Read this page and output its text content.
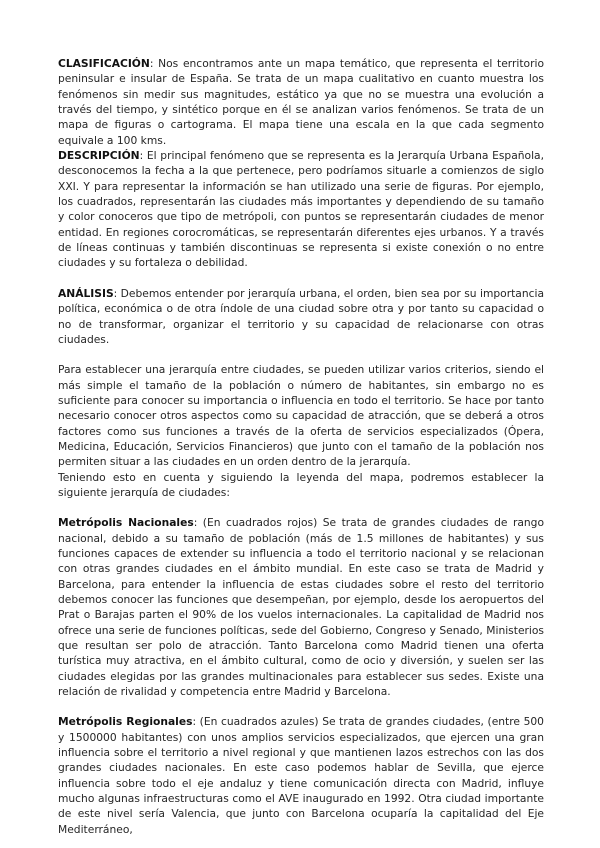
CLASIFICACIÓN: Nos encontramos ante un mapa temático, que representa el territorio peninsular e insular de España. Se trata de un mapa cualitativo en cuanto muestra los fenómenos sin medir sus magnitudes, estático ya que no se muestra una evolución a través del tiempo, y sintético porque en él se analizan varios fenómenos. Se trata de un mapa de figuras o cartograma. El mapa tiene una escala en la que cada segmento equivale a 100 kms.

DESCRIPCIÓN: El principal fenómeno que se representa es la Jerarquía Urbana Española, desconocemos la fecha a la que pertenece, pero podríamos situarle a comienzos de siglo XXI. Y para representar la información se han utilizado una serie de figuras. Por ejemplo, los cuadrados, representarán las ciudades más importantes y dependiendo de su tamaño y color conoceros que tipo de metrópoli, con puntos se representarán ciudades de menor entidad. En regiones corocromáticas, se representarán diferentes ejes urbanos. Y a través de líneas continuas y también discontinuas se representa si existe conexión o no entre ciudades y su fortaleza o debilidad.

ANÁLISIS: Debemos entender por jerarquía urbana, el orden, bien sea por su importancia política, económica o de otra índole de una ciudad sobre otra y por tanto su capacidad o no de transformar, organizar el territorio y su capacidad de relacionarse con otras ciudades.

Para establecer una jerarquía entre ciudades, se pueden utilizar varios criterios, siendo el más simple el tamaño de la población o número de habitantes, sin embargo no es suficiente para conocer su importancia o influencia en todo el territorio. Se hace por tanto necesario conocer otros aspectos como su capacidad de atracción, que se deberá a otros factores como sus funciones a través de la oferta de servicios especializados (Ópera, Medicina, Educación, Servicios Financieros) que junto con el tamaño de la población nos permiten situar a las ciudades en un orden dentro de la jerarquía.

Teniendo esto en cuenta y siguiendo la leyenda del mapa, podremos establecer la siguiente jerarquía de ciudades:

Metrópolis Nacionales: (En cuadrados rojos) Se trata de grandes ciudades de rango nacional, debido a su tamaño de población (más de 1.5 millones de habitantes) y sus funciones capaces de extender su influencia a todo el territorio nacional y se relacionan con otras grandes ciudades en el ámbito mundial. En este caso se trata de Madrid y Barcelona, para entender la influencia de estas ciudades sobre el resto del territorio debemos conocer las funciones que desempeñan, por ejemplo, desde los aeropuertos del Prat o Barajas parten el 90% de los vuelos internacionales. La capitalidad de Madrid nos ofrece una serie de funciones políticas, sede del Gobierno, Congreso y Senado, Ministerios que resultan ser polo de atracción. Tanto Barcelona como Madrid tienen una oferta turística muy atractiva, en el ámbito cultural, como de ocio y diversión, y suelen ser las ciudades elegidas por las grandes multinacionales para establecer sus sedes. Existe una relación de rivalidad y competencia entre Madrid y Barcelona.

Metrópolis Regionales: (En cuadrados azules) Se trata de grandes ciudades, (entre 500 y 1500000 habitantes) con unos amplios servicios especializados, que ejercen una gran influencia sobre el territorio a nivel regional y que mantienen lazos estrechos con las dos grandes ciudades nacionales. En este caso podemos hablar de Sevilla, que ejerce influencia sobre todo el eje andaluz y tiene comunicación directa con Madrid, influye mucho algunas infraestructuras como el AVE inaugurado en 1992. Otra ciudad importante de este nivel sería Valencia, que junto con Barcelona ocuparía la capitalidad del Eje Mediterráneo,
